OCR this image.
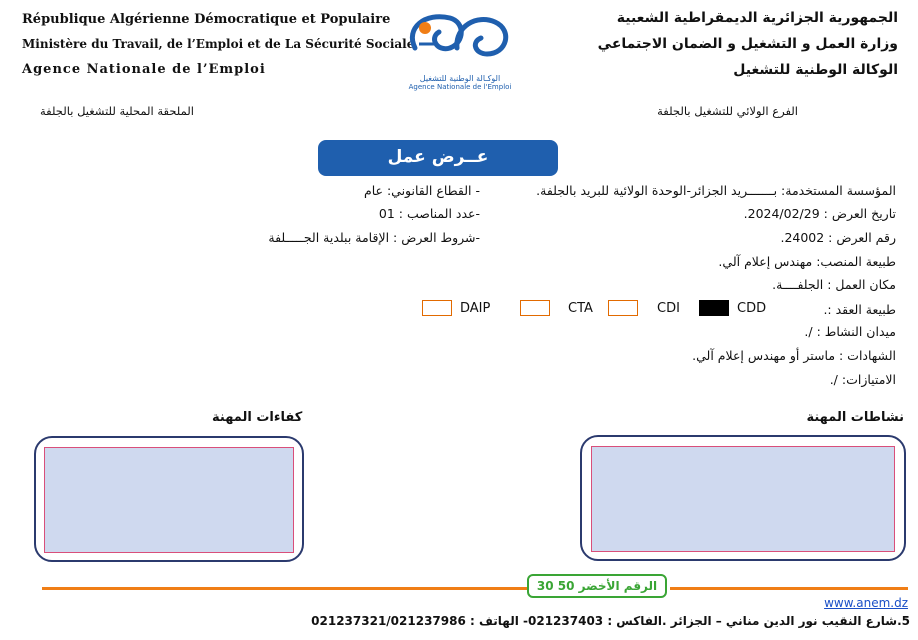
République Algérienne Démocratique et Populaire
Ministère du Travail, de l’Emploi et de La Sécurité Sociale
Agence Nationale de l’Emploi
الوكـالة الوطنية للتشغيل
Agence Nationale de l'Emploi
الجمهورية الجزائرية الديمقراطية الشعبية
وزارة العمل و التشغيل و الضمان الاجتماعي
الوكالة الوطنية للتشغيل
الملحقة المحلية للتشغيل بالجلفة	الفرع الولائي للتشغيل بالجلفة
عــرض عمل
المؤسسة المستخدمة: بـــــــريد الجزائر-الوحدة الولائية للبريد بالجلفة.
تاريخ العرض : 2024/02/29.
رقم العرض : 24002.
طبيعة المنصب: مهندس إعلام آلي.
مكان العمل : الجلفــــة.
- القطاع القانوني: عام
-عدد المناصب : 01
-شروط العرض : الإقامة ببلدية الجـــــلفة
طبيعة العقد :.
DAIP	CTA	CDI	CDD
ميدان النشاط : /.
الشهادات : ماستر أو مهندس إعلام آلي.
الامتيازات: /.
نشاطات المهنة
كفاءات المهنة
الرقم الأخضر 50 30
www.anem.dz
5.شارع النقيب نور الدين مناني – الجزائر .الفاكس : 021237403- الهاتف : 021237321/021237986
